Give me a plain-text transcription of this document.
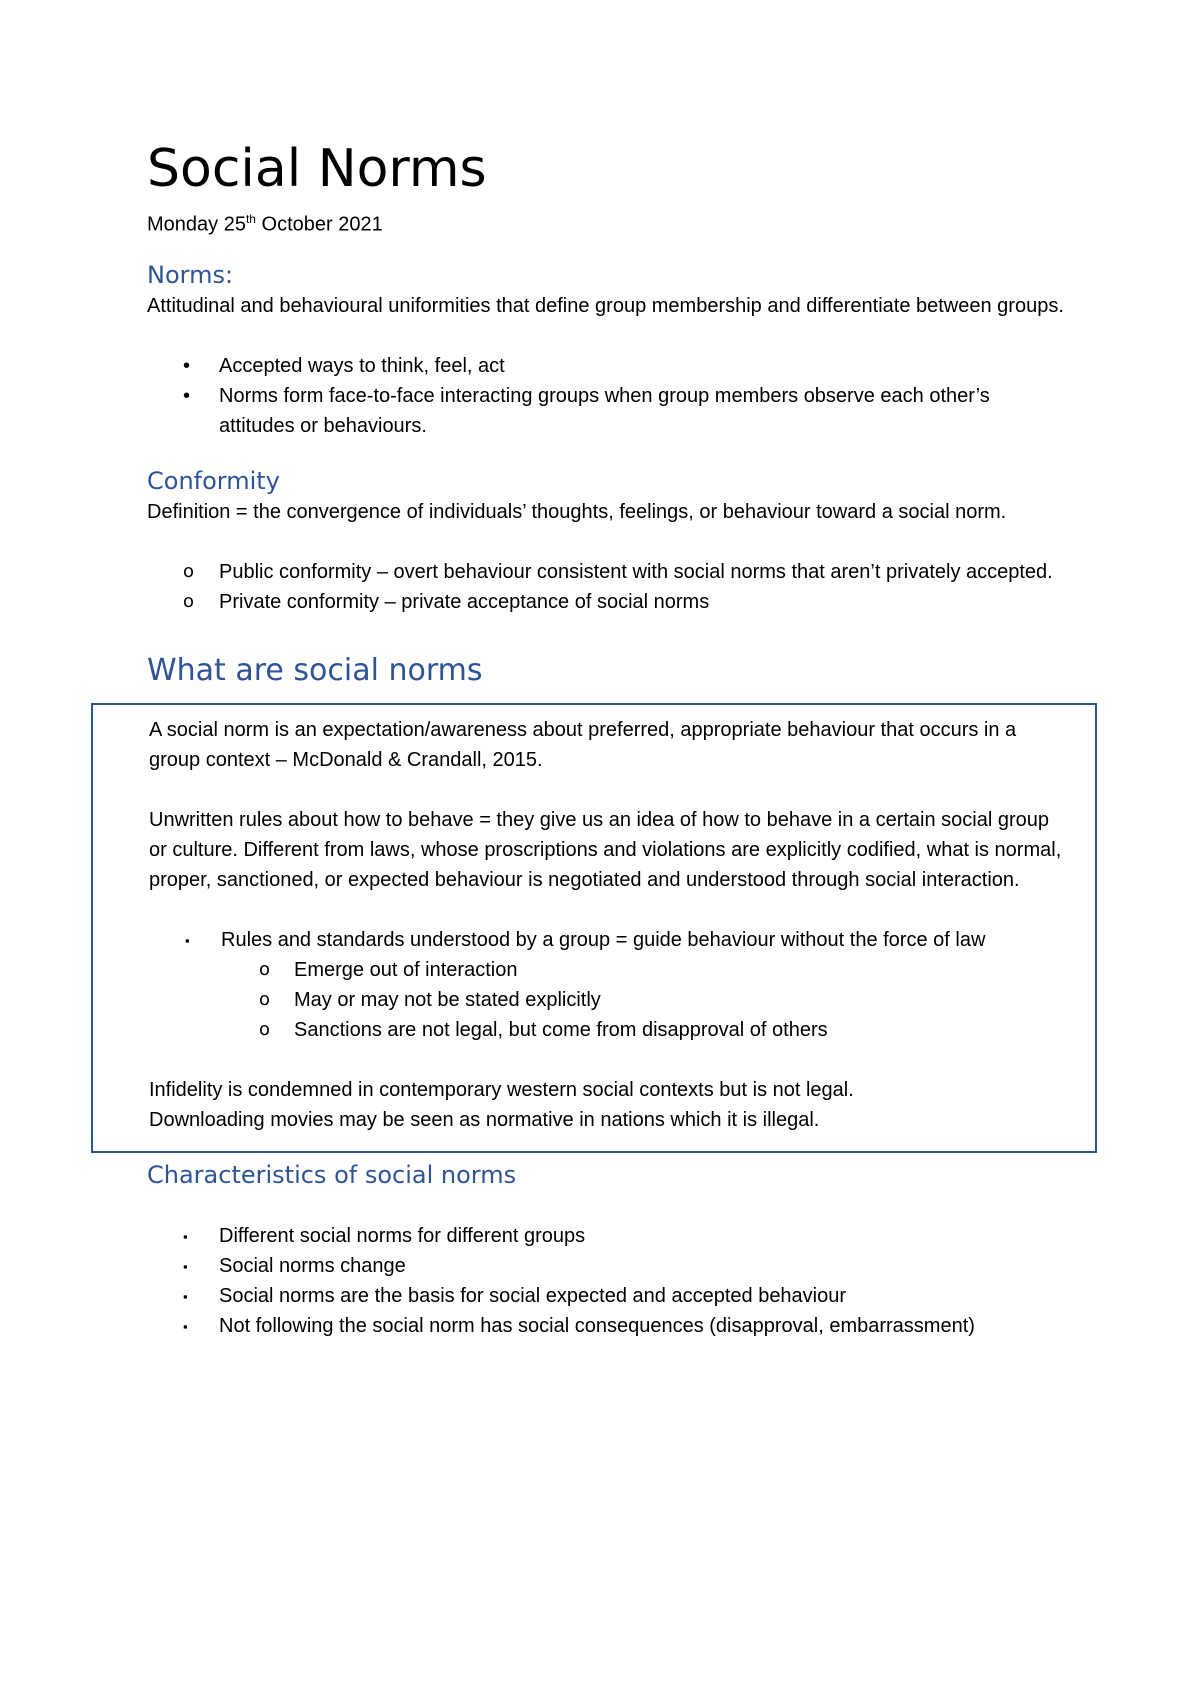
Social Norms

Monday 25th October 2021

Norms:

Attitudinal and behavioural uniformities that define group membership and differentiate between groups.

•	Accepted ways to think, feel, act
•	Norms form face-to-face interacting groups when group members observe each other’s attitudes or behaviours.
Conformity

Definition = the convergence of individuals’ thoughts, feelings, or behaviour toward a social norm.

o	Public conformity – overt behaviour consistent with social norms that aren’t privately accepted.
o	Private conformity – private acceptance of social norms
What are social norms

A social norm is an expectation/awareness about preferred, appropriate behaviour that occurs in a group context – McDonald & Crandall, 2015.

Unwritten rules about how to behave = they give us an idea of how to behave in a certain social group or culture. Different from laws, whose proscriptions and violations are explicitly codified, what is normal, proper, sanctioned, or expected behaviour is negotiated and understood through social interaction.

▪	Rules and standards understood by a group = guide behaviour without the force of law
o	Emerge out of interaction
o	May or may not be stated explicitly
o	Sanctions are not legal, but come from disapproval of others

Infidelity is condemned in contemporary western social contexts but is not legal.

Downloading movies may be seen as normative in nations which it is illegal.

Characteristics of social norms
▪	Different social norms for different groups
▪	Social norms change
▪	Social norms are the basis for social expected and accepted behaviour
▪	Not following the social norm has social consequences (disapproval, embarrassment)
